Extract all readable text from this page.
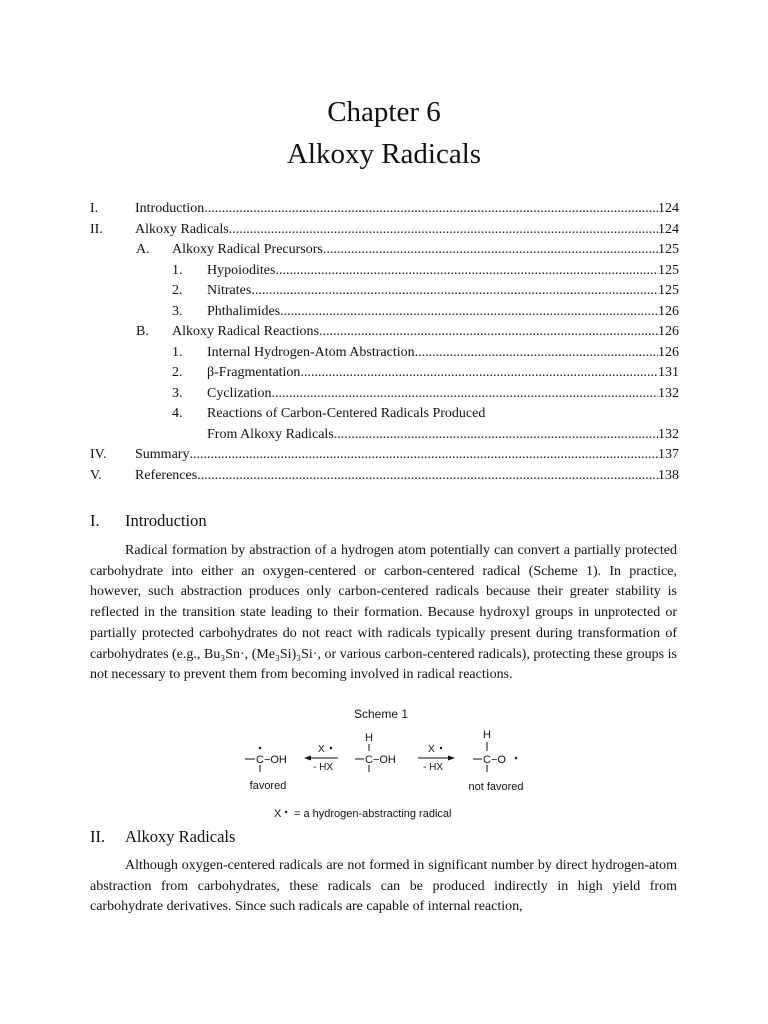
Chapter 6
Alkoxy Radicals
I.	Introduction .....	124
II. Alkoxy Radicals .....	124
A. Alkoxy Radical Precursors .....	125
1. Hypoiodites .....	125
2. Nitrates .....	125
3. Phthalimides .....	126
B. Alkoxy Radical Reactions .....	126
1. Internal Hydrogen-Atom Abstraction .....	126
2. β-Fragmentation .....	131
3. Cyclization .....	132
4. Reactions of Carbon-Centered Radicals Produced
From Alkoxy Radicals .....	132
IV. Summary .....	137
V. References .....	138
I. Introduction

Radical formation by abstraction of a hydrogen atom potentially can convert a partially protected carbohydrate into either an oxygen-centered or carbon-centered radical (Scheme 1). In practice, however, such abstraction produces only carbon-centered radicals because their greater stability is reflected in the transition state leading to their formation. Because hydroxyl groups in unprotected or partially protected carbohydrates do not react with radicals typically present during transformation of carbohydrates (e.g., Bu₃Sn·, (Me₃Si)₃Si·, or various carbon-centered radicals), protecting these groups is not necessary to prevent them from becoming involved in radical reactions.

Scheme 1
C−OH
favored
X
- HX
H
C−OH
X
- HX
H
C−O
not favored
X = a hydrogen-abstracting radical
II. Alkoxy Radicals

Although oxygen-centered radicals are not formed in significant number by direct hydrogen-atom abstraction from carbohydrates, these radicals can be produced indirectly in high yield from carbohydrate derivatives. Since such radicals are capable of internal reaction,
